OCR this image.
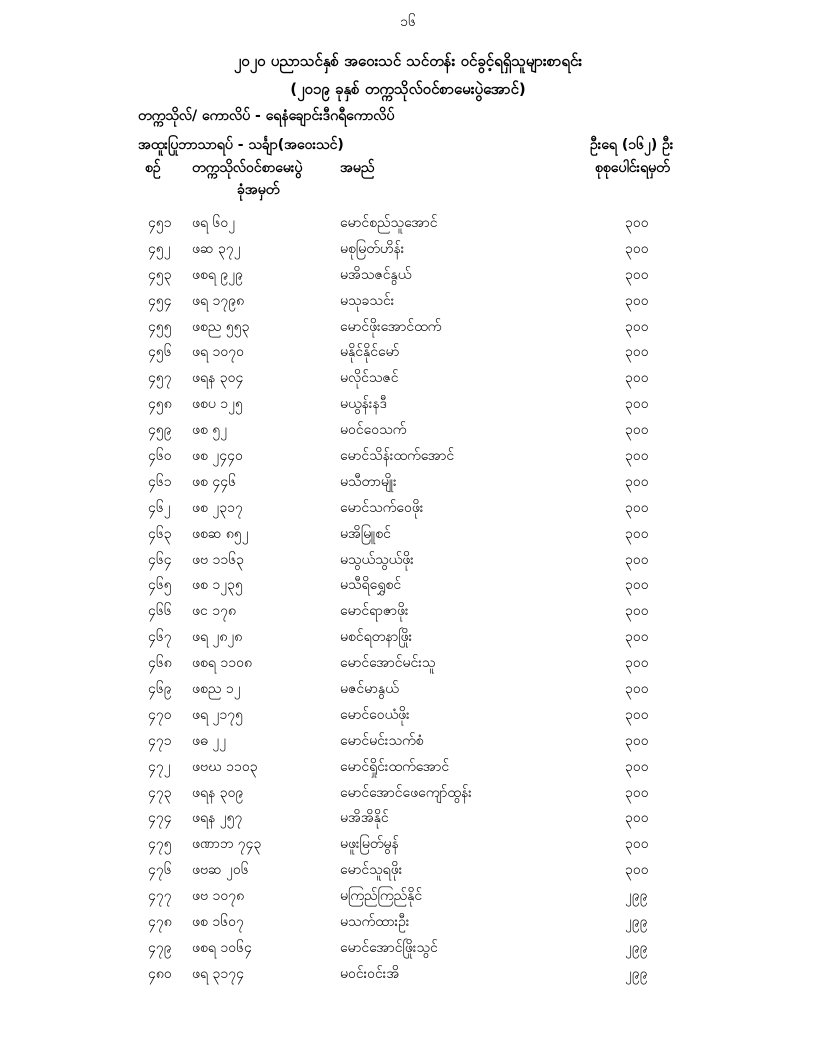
၁၆
၂၀၂၀ ပညာသင်နှစ် အဝေးသင် သင်တန်း ဝင်ခွင့်ရရှိသူများစာရင်း
(၂၀၁၉ ခုနှစ် တက္ကသိုလ်ဝင်စာမေးပွဲအောင်)
တက္ကသိုလ်/ ကောလိပ် - ရေနံချောင်းဒီဂရီကောလိပ်
အထူးပြုဘာသာရပ် - သင်္ချာ(အဝေးသင်)	ဦးရေ (၁၆၂) ဦး
စဉ် တက္ကသိုလ်ဝင်စာမေးပွဲ
ခုံအမှတ်
အမည်	စုစုပေါင်းရမှတ်
၄၅၁ ဖရ ၆၀၂	မောင်စည်သူအောင်	၃၀၀
၄၅၂ ဖဆ ၃၇၂	မစုမြတ်ဟိန်း	၃၀၀
၄၅၃ ဖစရ ၉၂၉	မအိသဇင်နွယ်	၃၀၀
၄၅၄ ဖရ ၁၇၉၈	မသုခသင်း	၃၀၀
၄၅၅ ဖစည ၅၅၃	မောင်ဖိုးအောင်ထက်	၃၀၀
၄၅၆ ဖရ ၁၀၇၀	မနိုင်နိုင်မော်	၃၀၀
၄၅၇ ဖရန ၃၀၄	မလိုင်သဇင်	၃၀၀
၄၅၈ ဖစပ ၁၂၅	မယွန်းနဒီ	၃၀၀
၄၅၉ ဖစ ၅၂	မဝင်ဝေသက်	၃၀၀
၄၆၀ ဖစ ၂၄၄၀	မောင်သိန်းထက်အောင်	၃၀၀
၄၆၁ ဖစ ၄၄၆	မသီတာမျိုး	၃၀၀
၄၆၂ ဖစ ၂၃၁၇	မောင်သက်ဝေဖိုး	၃၀၀
၄၆၃ ဖစဆ ၈၅၂	မအိမြူစင်	၃၀၀
၄၆၄ ဖဗ ၁၁၆၃	မသွယ်သွယ်ဖိုး	၃၀၀
၄၆၅ ဖစ ၁၂၃၅	မသီရိရွှေစင်	၃၀၀
၄၆၆ ဖင ၁၇၈	မောင်ရာဇာဖိုး	၃၀၀
၄၆၇ ဖရ ၂၈၂၈	မစင်ရတနာဖြိုး	၃၀၀
၄၆၈ ဖစရ ၁၁၀၈	မောင်အောင်မင်းသူ	၃၀၀
၄၆၉ ဖစည ၁၂	မဇင်မာနွယ်	၃၀၀
၄၇၀ ဖရ ၂၁၇၅	မောင်ဝေယံဖိုး	၃၀၀
၄၇၁ ဖဓ ၂၂	မောင်မင်းသက်စံ	၃၀၀
၄၇၂ ဖဗဃ ၁၁၀၃	မောင်ရှိုင်းထက်အောင်	၃၀၀
၄၇၃ ဖရန ၃၀၉	မောင်အောင်ဖေကျော်ထွန်း	၃၀၀
၄၇၄ ဖရန ၂၅၇	မအိအိနိုင်	၃၀၀
၄၇၅ ဖဏာဘ ၇၄၃	မဖူးမြတ်မွန်	၃၀၀
၄၇၆ ဖဗဆ ၂၀၆	မောင်သူရဖိုး	၃၀၀
၄၇၇ ဖဗ ၁၀၇၈	မကြည်ကြည်နိုင်	၂၉၉
၄၇၈ ဖစ ၁၆၀၇	မသက်ထားဦး	၂၉၉
၄၇၉ ဖစရ ၁၀၆၄	မောင်အောင်ဖြိုးသွင်	၂၉၉
၄၈၀ ဖရ ၃၁၇၄	မဝင်းဝင်းအိ	၂၉၉
